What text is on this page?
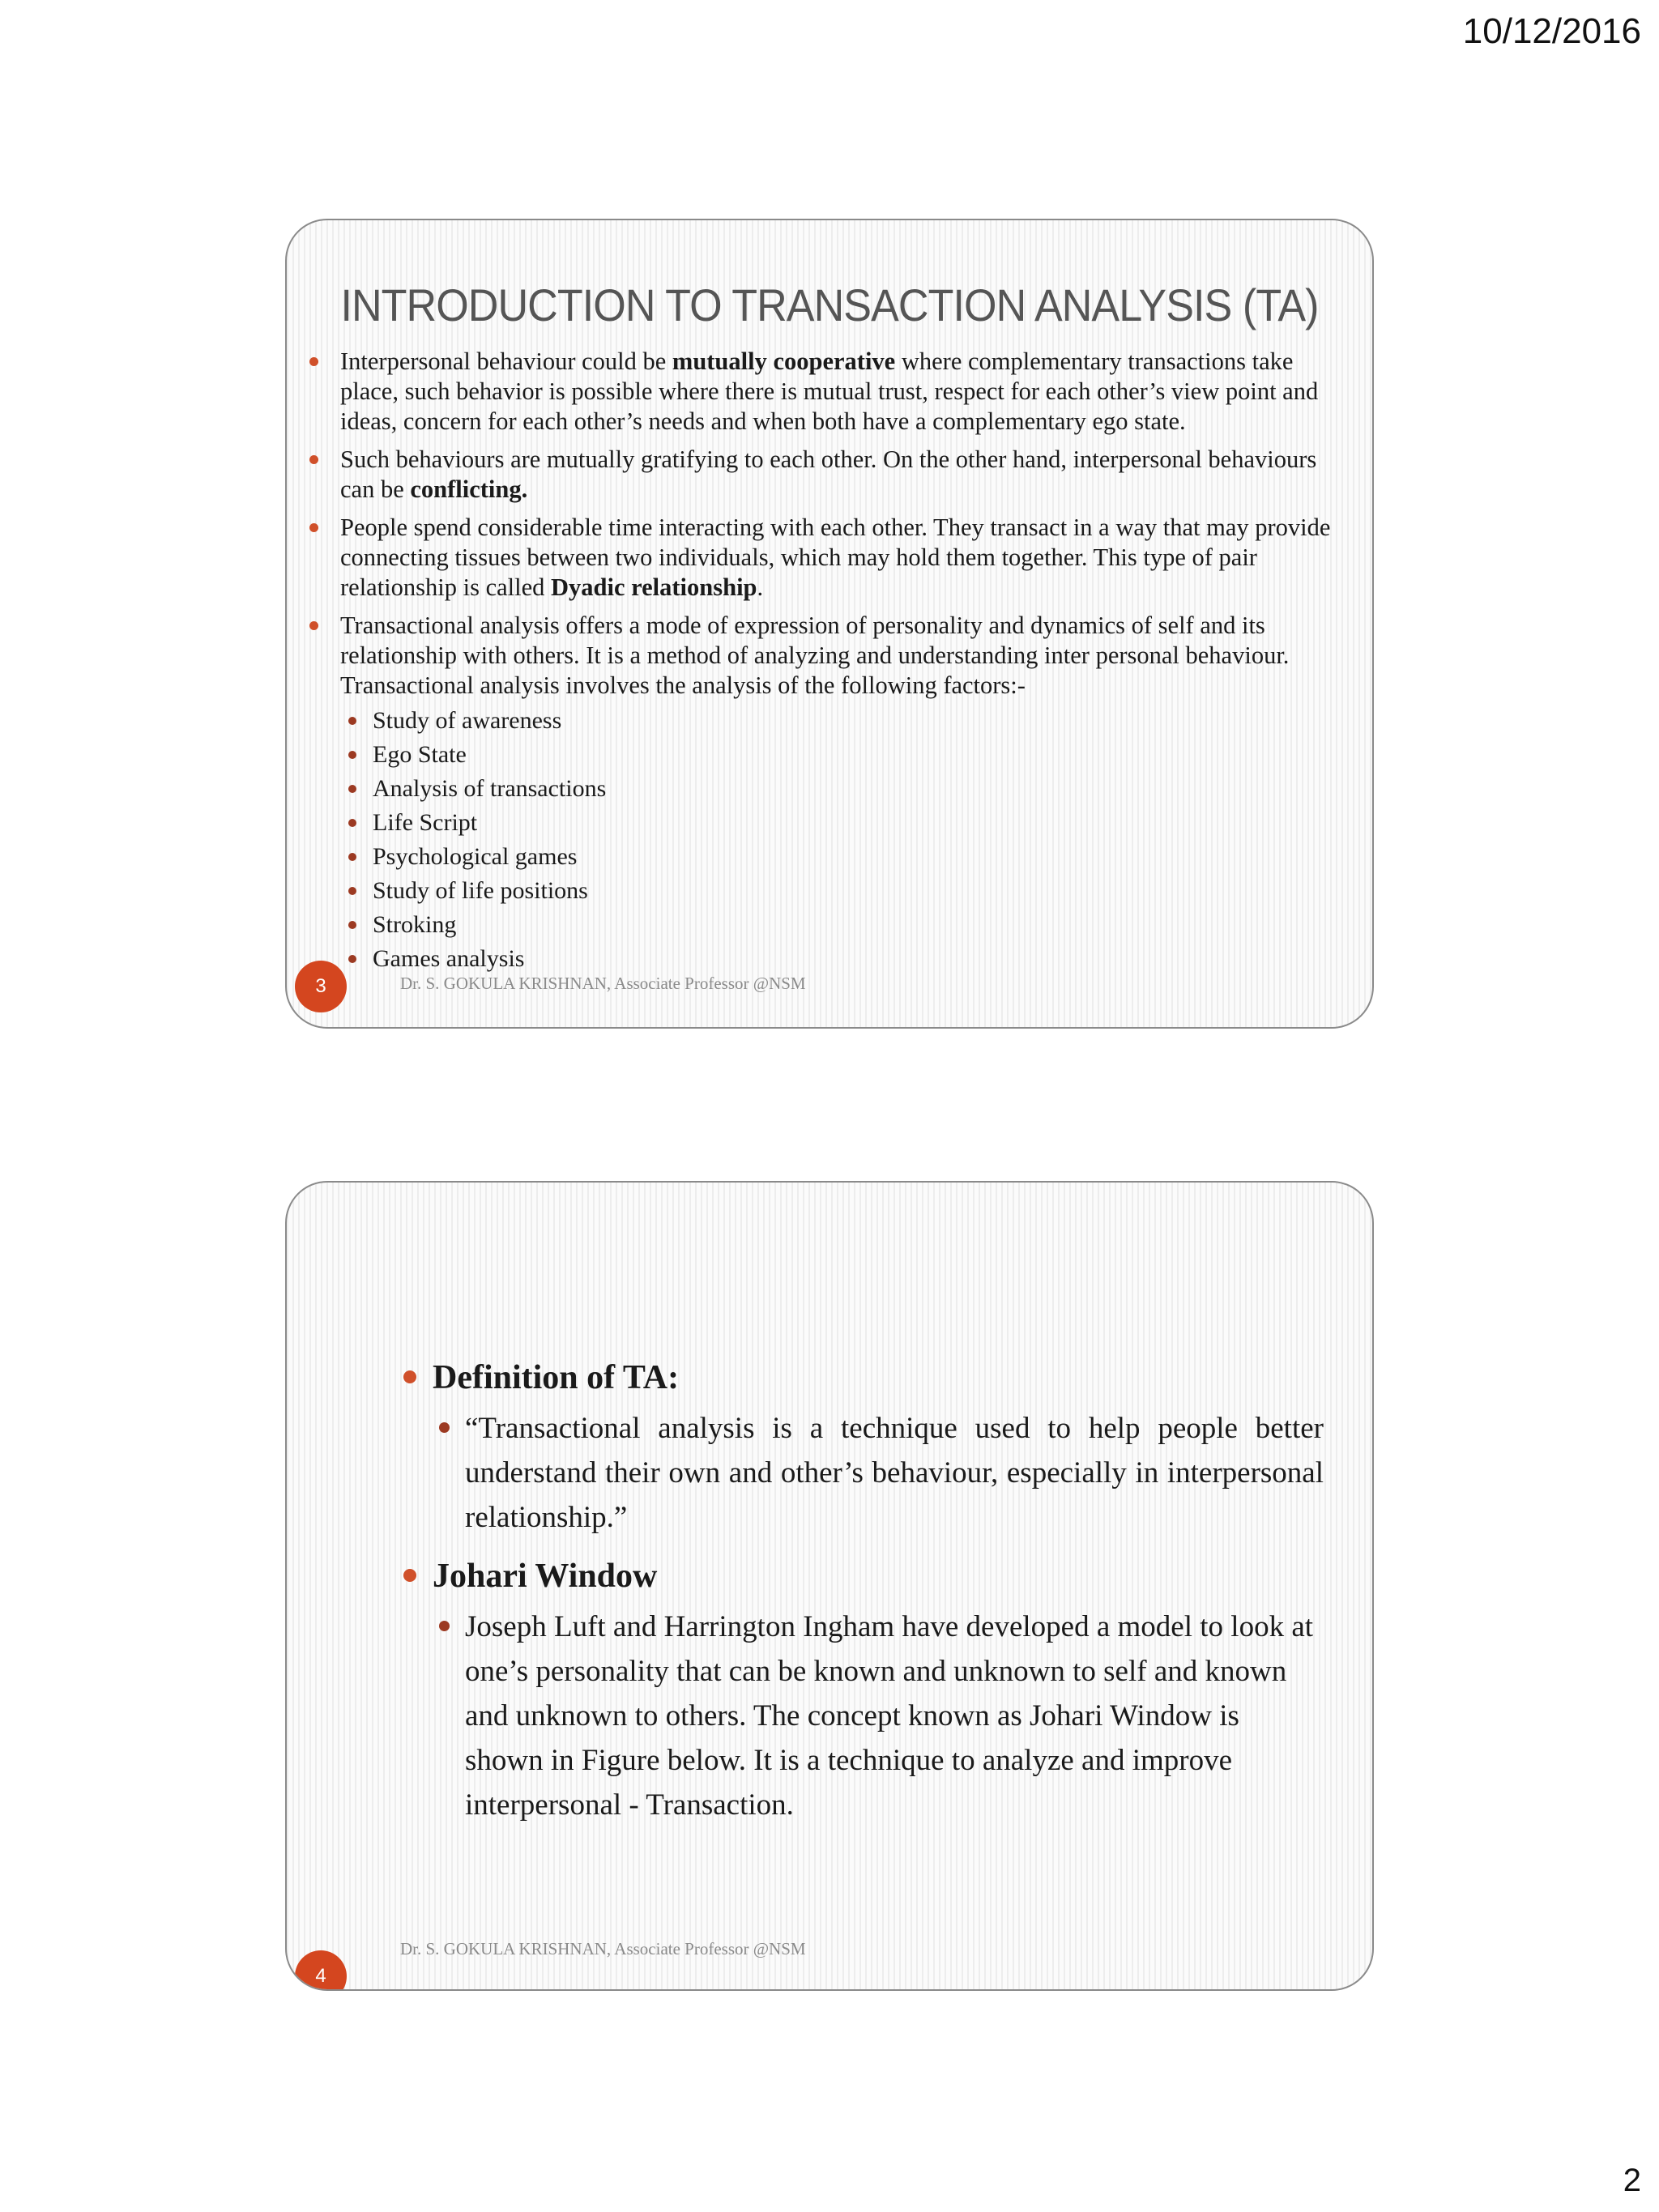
10/12/2016
INTRODUCTION TO TRANSACTION ANALYSIS (TA)
Interpersonal behaviour could be mutually cooperative where complementary transactions take place, such behavior is possible where there is mutual trust, respect for each other’s view point and ideas, concern for each other’s needs and when both have a complementary ego state.
Such behaviours are mutually gratifying to each other. On the other hand, interpersonal behaviours can be conflicting.
People spend considerable time interacting with each other. They transact in a way that may provide connecting tissues between two individuals, which may hold them together. This type of pair relationship is called Dyadic relationship.
Transactional analysis offers a mode of expression of personality and dynamics of self and its relationship with others. It is a method of analyzing and understanding inter personal behaviour. Transactional analysis involves the analysis of the following factors:-
Study of awareness
Ego State
Analysis of transactions
Life Script
Psychological games
Study of life positions
Stroking
Games analysis
3	Dr. S. GOKULA KRISHNAN, Associate Professor @NSM
Definition of TA:
“Transactional analysis is a technique used to help people better understand their own and other’s behaviour, especially in interpersonal relationship.”
Johari Window
Joseph Luft and Harrington Ingham have developed a model to look at one’s personality that can be known and unknown to self and known and unknown to others. The concept known as Johari Window is shown in Figure below. It is a technique to analyze and improve interpersonal - Transaction.
4
Dr. S. GOKULA KRISHNAN, Associate Professor @NSM
2
